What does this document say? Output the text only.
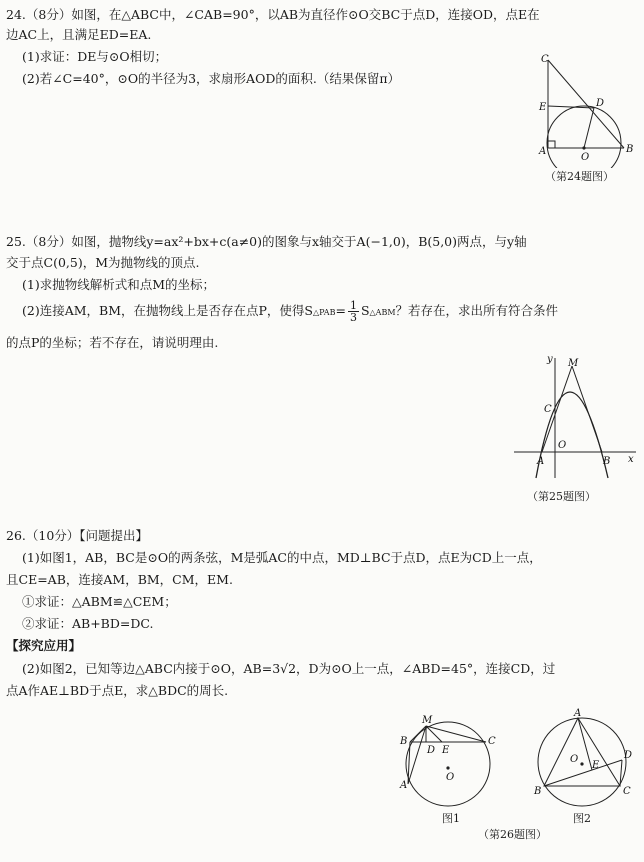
24.（8分）如图，在△ABC中，∠CAB=90°，以AB为直径作⊙O交BC于点D，连接OD，点E在
边AC上，且满足ED=EA.
(1)求证：DE与⊙O相切；
(2)若∠C=40°，⊙O的半径为3，求扇形AOD的面积.（结果保留π）
C
E	D
A
O
B
（第24题图）
25.（8分）如图，抛物线y=ax²+bx+c(a≠0)的图象与x轴交于A(−1,0)，B(5,0)两点，与y轴
交于点C(0,5)，M为抛物线的顶点.
(1)求抛物线解析式和点M的坐标；
(2)连接AM，BM，在抛物线上是否存在点P，使得S△PAB= $\frac{1}{3}$ S△ABM？若存在，求出所有符合条件
的点P的坐标；若不存在，请说明理由.
y M
C
O
A	B x
（第25题图）
26.（10分）【问题提出】
(1)如图1，AB，BC是⊙O的两条弦，M是弧AC的中点，MD⊥BC于点D，点E为CD上一点，
且CE=AB，连接AM，BM，CM，EM.
①求证：△ABM≌△CEM；
②求证：AB+BD=DC.
【探究应用】
(2)如图2，已知等边△ABC内接于⊙O，AB=3√2，D为⊙O上一点，∠ABD=45°，连接CD，过
点A作AE⊥BD于点E，求△BDC的周长.
M
B
D E
C
O
A
图1
A
O
E
D
B	C
图2
（第26题图）
